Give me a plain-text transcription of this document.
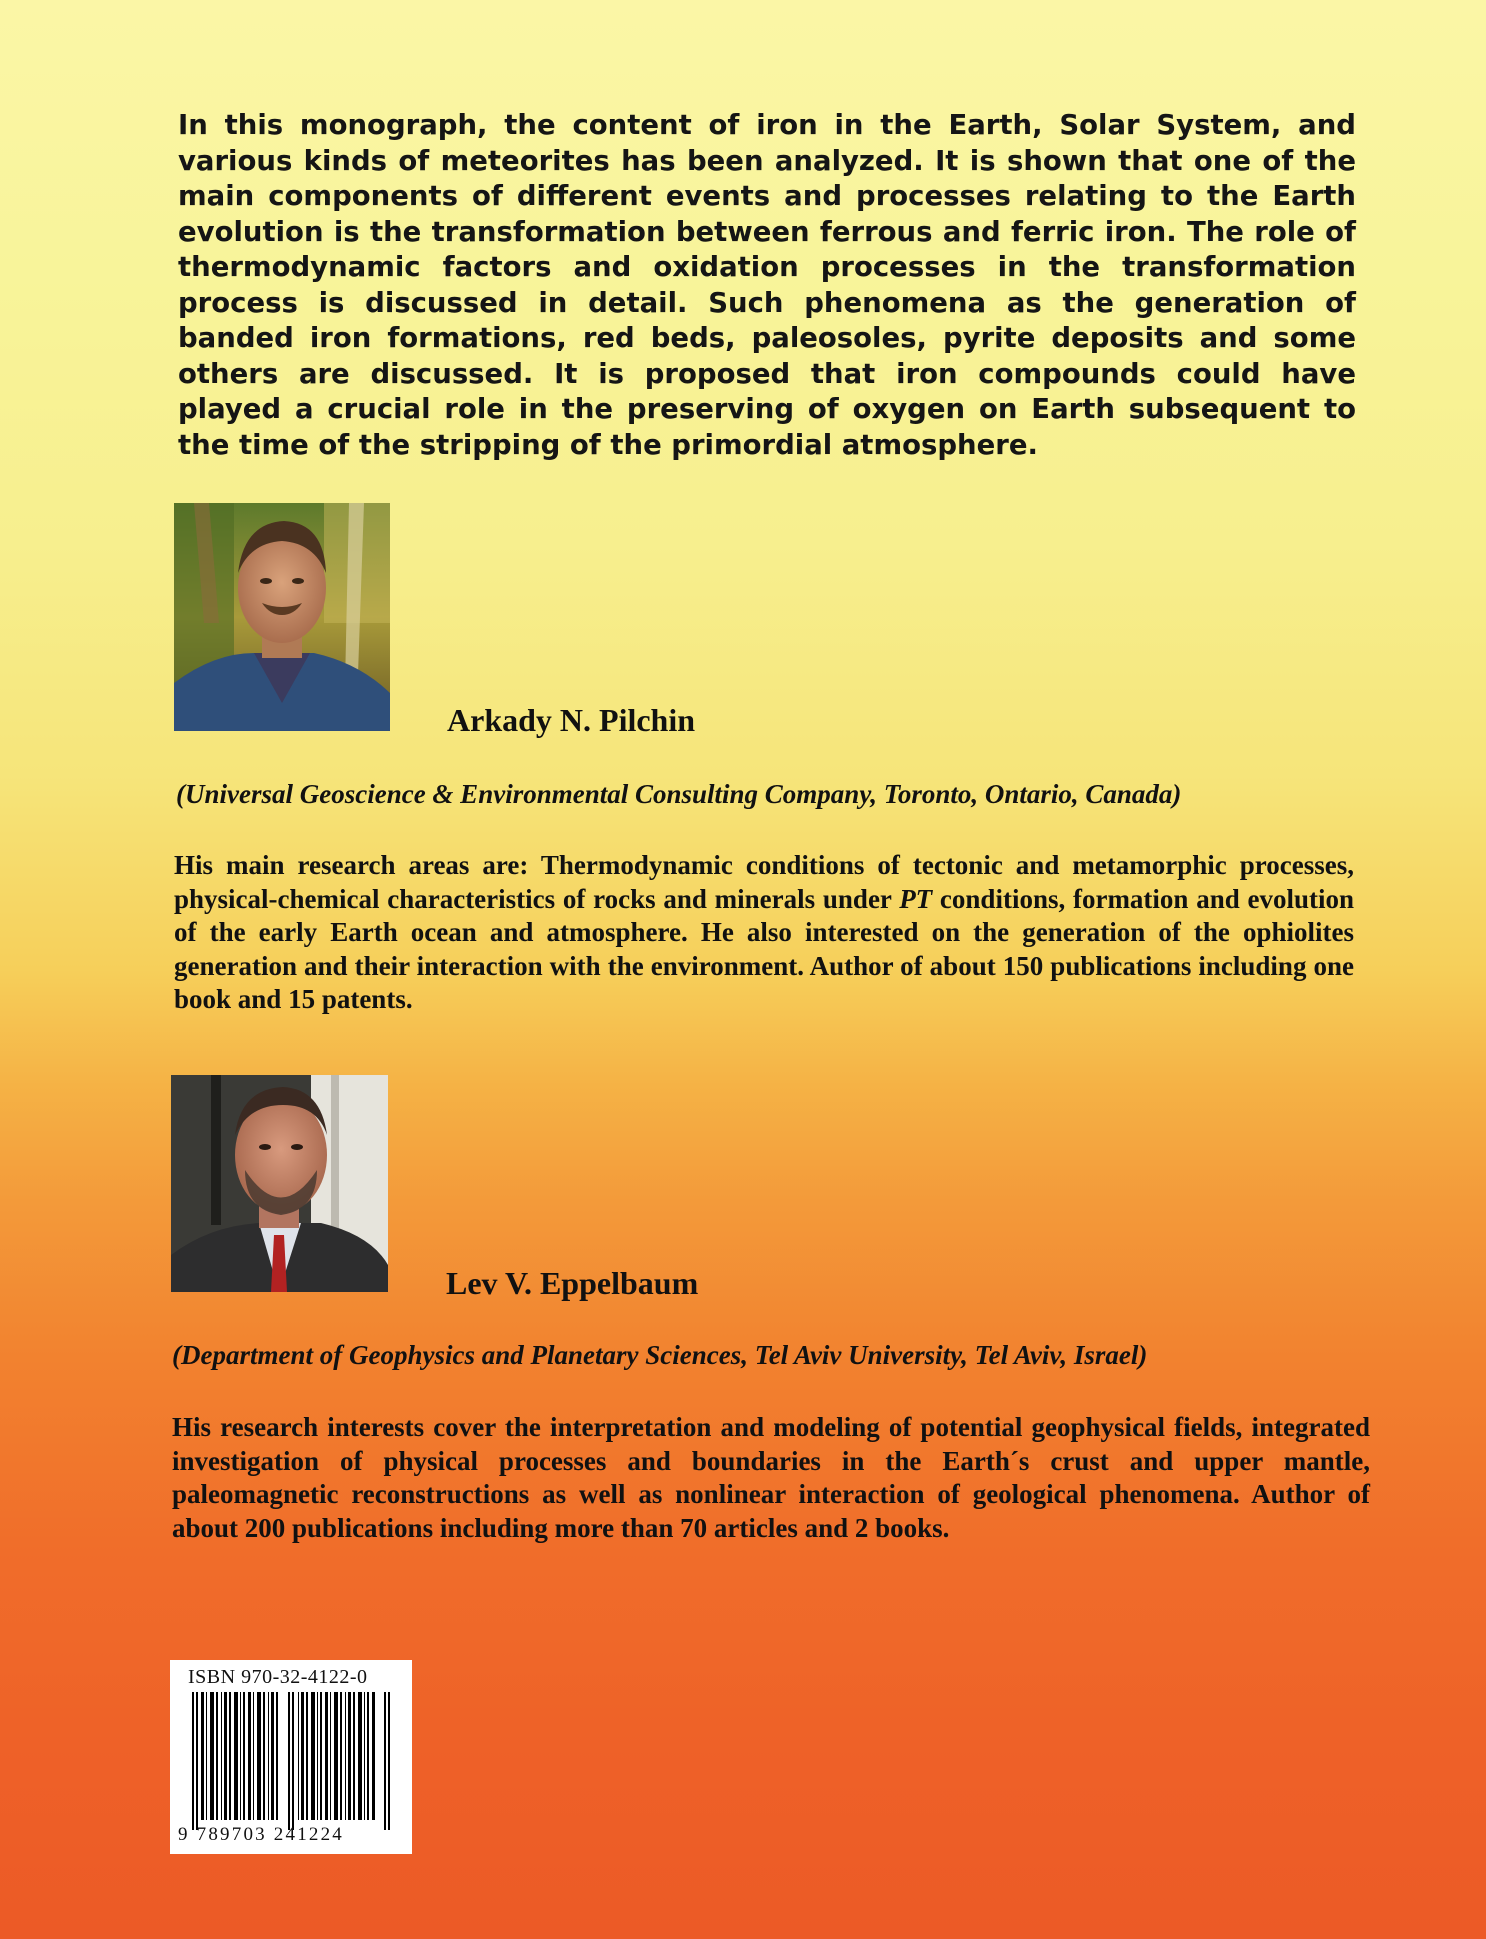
In this monograph, the content of iron in the Earth, Solar System, and various kinds of meteorites has been analyzed. It is shown that one of the main components of different events and processes relating to the Earth evolution is the transformation between ferrous and ferric iron. The role of thermodynamic factors and oxidation processes in the transformation process is discussed in detail. Such phenomena as the generation of banded iron formations, red beds, paleosoles, pyrite deposits and some others are discussed. It is proposed that iron compounds could have played a crucial role in the preserving of oxygen on Earth subsequent to the time of the stripping of the primordial atmosphere.
Arkady N. Pilchin
(Universal Geoscience & Environmental Consulting Company, Toronto, Ontario, Canada)
His main research areas are: Thermodynamic conditions of tectonic and metamorphic processes, physical-chemical characteristics of rocks and minerals under PT conditions, formation and evolution of the early Earth ocean and atmosphere. He also interested on the generation of the ophiolites generation and their interaction with the environment. Author of about 150 publications including one book and 15 patents.
Lev V. Eppelbaum
(Department of Geophysics and Planetary Sciences, Tel Aviv University, Tel Aviv, Israel)
His research interests cover the interpretation and modeling of potential geophysical fields, integrated investigation of physical processes and boundaries in the Earth´s crust and upper mantle, paleomagnetic reconstructions as well as nonlinear interaction of geological phenomena. Author of about 200 publications including more than 70 articles and 2 books.
ISBN 970-32-4122-0
9 789703 241224
